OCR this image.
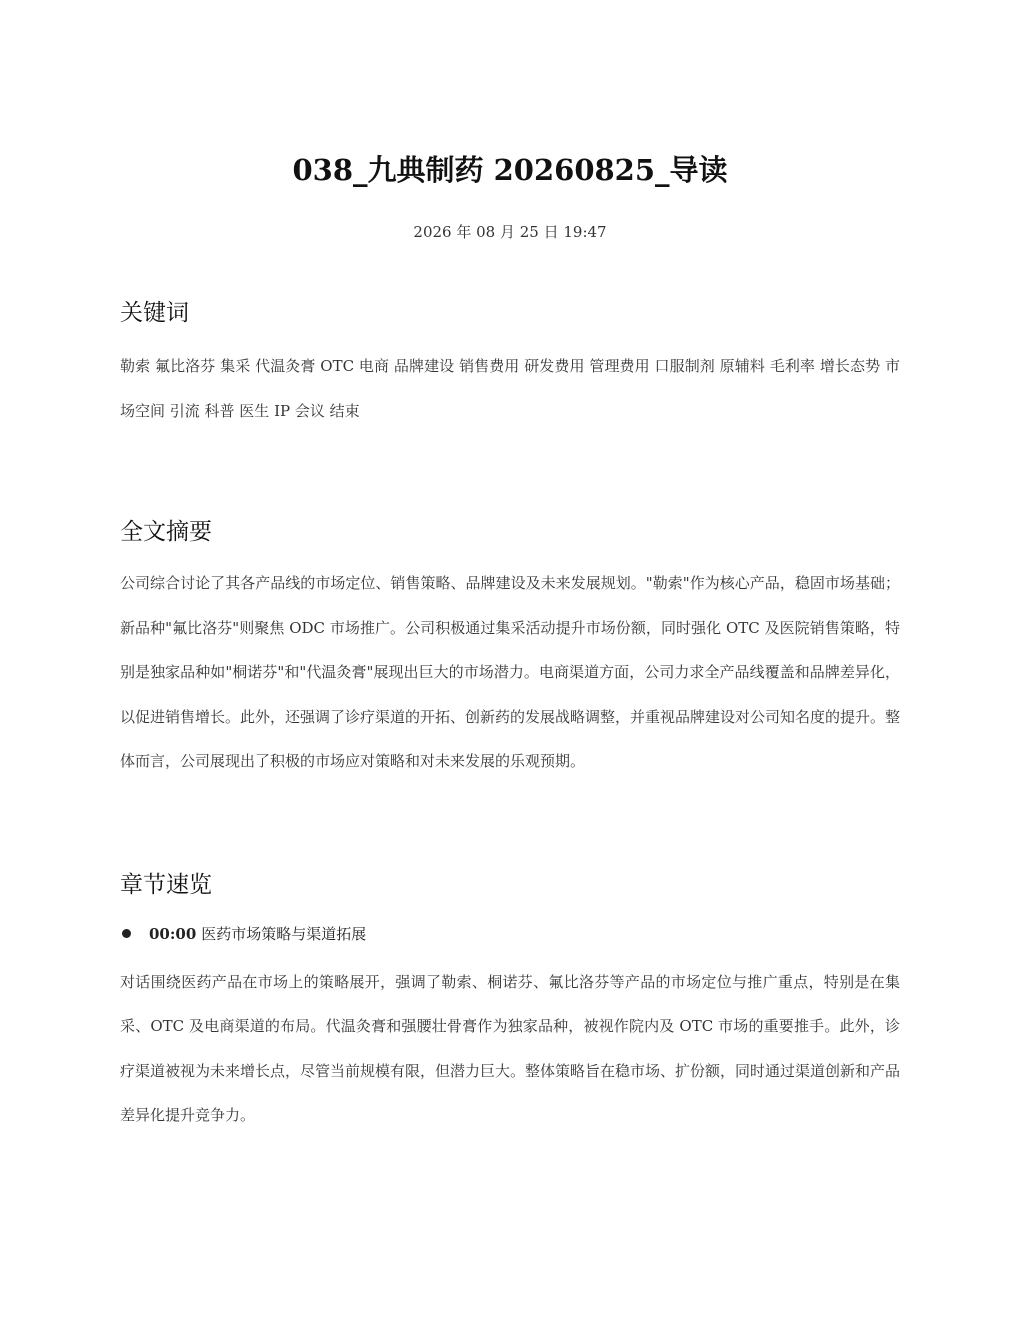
038_九典制药 20260825_导读
2026 年 08 月 25 日 19:47
关键词

勒索 氟比洛芬 集采 代温灸膏 OTC 电商 品牌建设 销售费用 研发费用 管理费用 口服制剂 原辅料 毛利率 增长态势 市场空间 引流 科普 医生 IP 会议 结束

全文摘要

公司综合讨论了其各产品线的市场定位、销售策略、品牌建设及未来发展规划。"勒索"作为核心产品，稳固市场基础；新品种"氟比洛芬"则聚焦 ODC 市场推广。公司积极通过集采活动提升市场份额，同时强化 OTC 及医院销售策略，特别是独家品种如"桐诺芬"和"代温灸膏"展现出巨大的市场潜力。电商渠道方面，公司力求全产品线覆盖和品牌差异化，以促进销售增长。此外，还强调了诊疗渠道的开拓、创新药的发展战略调整，并重视品牌建设对公司知名度的提升。整体而言，公司展现出了积极的市场应对策略和对未来发展的乐观预期。

章节速览
00:00 医药市场策略与渠道拓展

对话围绕医药产品在市场上的策略展开，强调了勒索、桐诺芬、氟比洛芬等产品的市场定位与推广重点，特别是在集采、OTC 及电商渠道的布局。代温灸膏和强腰壮骨膏作为独家品种，被视作院内及 OTC 市场的重要推手。此外，诊疗渠道被视为未来增长点，尽管当前规模有限，但潜力巨大。整体策略旨在稳市场、扩份额，同时通过渠道创新和产品差异化提升竞争力。
